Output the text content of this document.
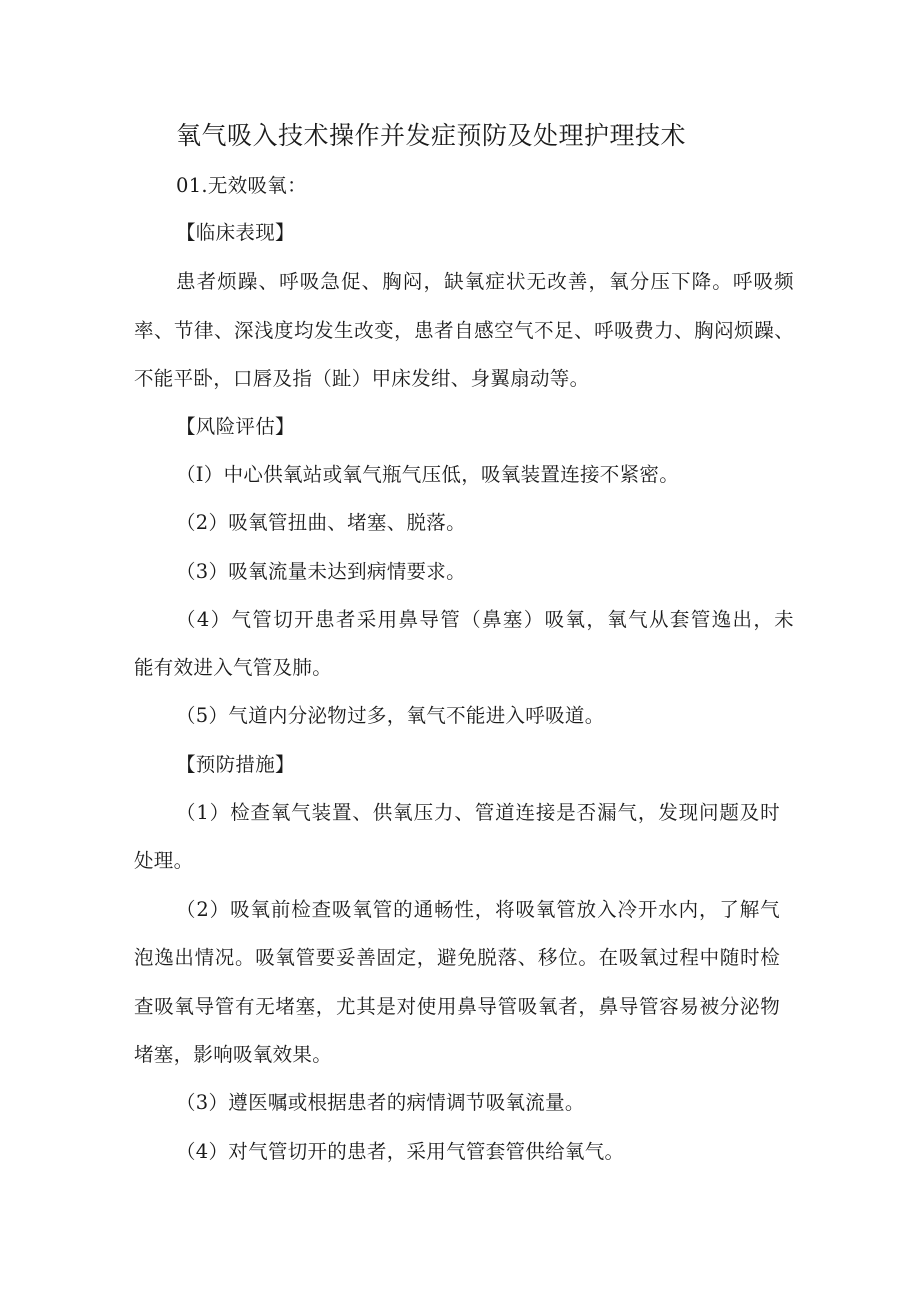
氧气吸入技术操作并发症预防及处理护理技术
01.无效吸氧：
【临床表现】
患者烦躁、呼吸急促、胸闷，缺氧症状无改善，氧分压下降。呼吸频
率、节律、深浅度均发生改变，患者自感空气不足、呼吸费力、胸闷烦躁、
不能平卧，口唇及指（趾）甲床发绀、身翼扇动等。
【风险评估】
（I）中心供氧站或氧气瓶气压低，吸氧装置连接不紧密。
（2）吸氧管扭曲、堵塞、脱落。
（3）吸氧流量未达到病情要求。
（4）气管切开患者采用鼻导管（鼻塞）吸氧，氧气从套管逸出，未
能有效进入气管及肺。
（5）气道内分泌物过多，氧气不能进入呼吸道。
【预防措施】
（1）检查氧气装置、供氧压力、管道连接是否漏气，发现问题及时
处理。
（2）吸氧前检查吸氧管的通畅性，将吸氧管放入冷开水内，了解气
泡逸出情况。吸氧管要妥善固定，避免脱落、移位。在吸氧过程中随时检
查吸氧导管有无堵塞，尤其是对使用鼻导管吸氧者，鼻导管容易被分泌物
堵塞，影响吸氧效果。
（3）遵医嘱或根据患者的病情调节吸氧流量。
（4）对气管切开的患者，采用气管套管供给氧气。
